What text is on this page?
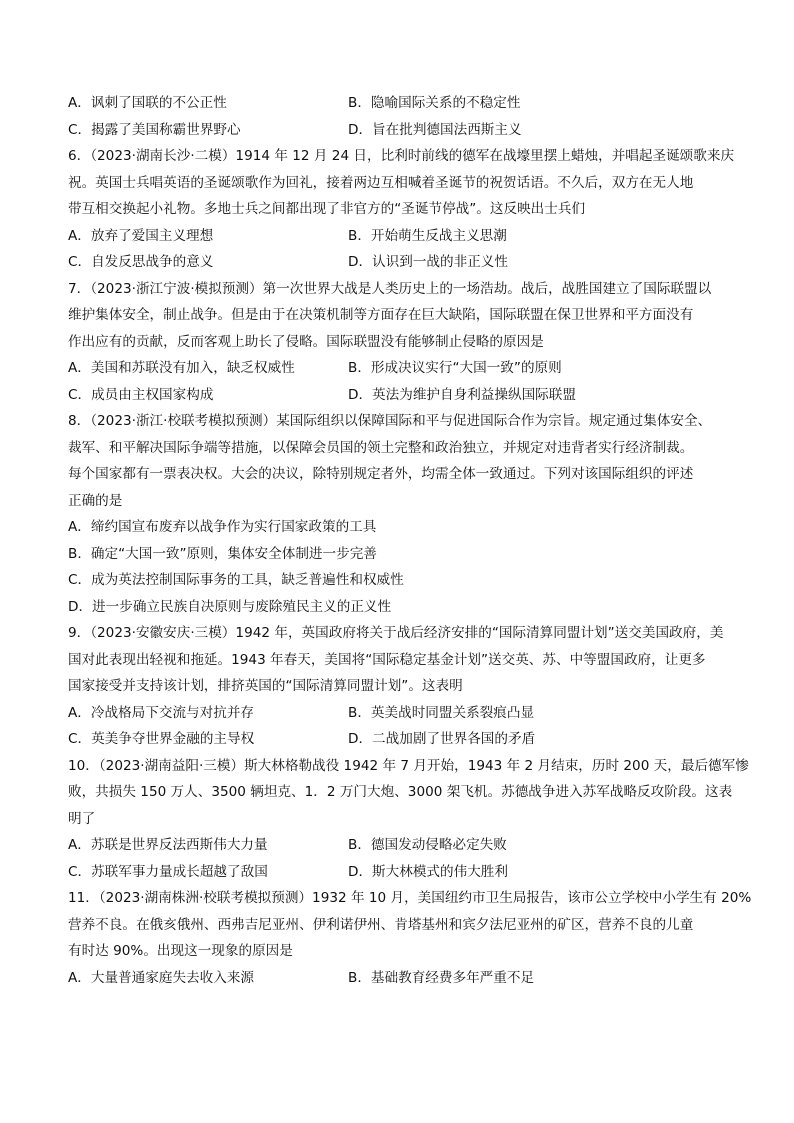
A．讽刺了国联的不公正性	B．隐喻国际关系的不稳定性
C．揭露了美国称霸世界野心	D．旨在批判德国法西斯主义
6．（2023·湖南长沙·二模）1914 年 12 月 24 日，比利时前线的德军在战壕里摆上蜡烛，并唱起圣诞颂歌来庆
祝。英国士兵唱英语的圣诞颂歌作为回礼，接着两边互相喊着圣诞节的祝贺话语。不久后，双方在无人地
带互相交换起小礼物。多地士兵之间都出现了非官方的“圣诞节停战”。这反映出士兵们
A．放弃了爱国主义理想	B．开始萌生反战主义思潮
C．自发反思战争的意义	D．认识到一战的非正义性
7．（2023·浙江宁波·模拟预测）第一次世界大战是人类历史上的一场浩劫。战后，战胜国建立了国际联盟以
维护集体安全，制止战争。但是由于在决策机制等方面存在巨大缺陷，国际联盟在保卫世界和平方面没有
作出应有的贡献，反而客观上助长了侵略。国际联盟没有能够制止侵略的原因是
A．美国和苏联没有加入，缺乏权威性	B．形成决议实行“大国一致”的原则
C．成员由主权国家构成	D．英法为维护自身利益操纵国际联盟
8．（2023·浙江·校联考模拟预测）某国际组织以保障国际和平与促进国际合作为宗旨。规定通过集体安全、
裁军、和平解决国际争端等措施，以保障会员国的领土完整和政治独立，并规定对违背者实行经济制裁。
每个国家都有一票表决权。大会的决议，除特别规定者外，均需全体一致通过。下列对该国际组织的评述
正确的是
A．缔约国宣布废弃以战争作为实行国家政策的工具
B．确定“大国一致”原则，集体安全体制进一步完善
C．成为英法控制国际事务的工具，缺乏普遍性和权威性
D．进一步确立民族自决原则与废除殖民主义的正义性
9．（2023·安徽安庆·三模）1942 年，英国政府将关于战后经济安排的“国际清算同盟计划”送交美国政府，美
国对此表现出轻视和拖延。1943 年春天，美国将“国际稳定基金计划”送交英、苏、中等盟国政府，让更多
国家接受并支持该计划，排挤英国的“国际清算同盟计划”。这表明
A．冷战格局下交流与对抗并存	B．英美战时同盟关系裂痕凸显
C．英美争夺世界金融的主导权	D．二战加剧了世界各国的矛盾
10．（2023·湖南益阳·三模）斯大林格勒战役 1942 年 7 月开始，1943 年 2 月结束，历时 200 天，最后德军惨
败，共损失 150 万人、3500 辆坦克、1．2 万门大炮、3000 架飞机。苏德战争进入苏军战略反攻阶段。这表
明了
A．苏联是世界反法西斯伟大力量	B．德国发动侵略必定失败
C．苏联军事力量成长超越了敌国	D．斯大林模式的伟大胜利
11．（2023·湖南株洲·校联考模拟预测）1932 年 10 月，美国纽约市卫生局报告，该市公立学校中小学生有 20%
营养不良。在俄亥俄州、西弗吉尼亚州、伊利诺伊州、肯塔基州和宾夕法尼亚州的矿区，营养不良的儿童
有时达 90%。出现这一现象的原因是
A．大量普通家庭失去收入来源	B．基础教育经费多年严重不足
